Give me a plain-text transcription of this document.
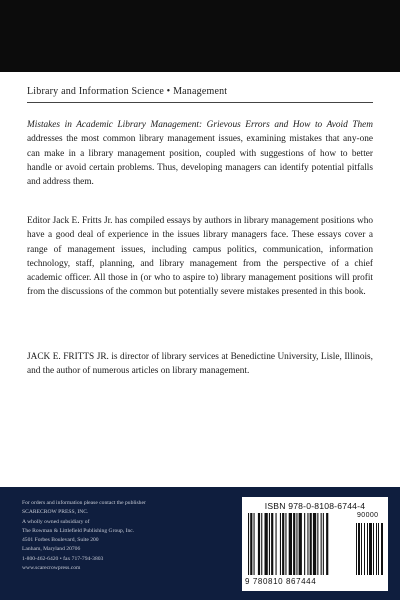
Library and Information Science • Management

Mistakes in Academic Library Management: Grievous Errors and How to Avoid Them addresses the most common library management issues, examining mistakes that any-one can make in a library management position, coupled with suggestions of how to better handle or avoid certain problems. Thus, developing managers can identify potential pitfalls and address them.

Editor Jack E. Fritts Jr. has compiled essays by authors in library management positions who have a good deal of experience in the issues library managers face. These essays cover a range of management issues, including campus politics, communication, information technology, staff, planning, and library management from the perspective of a chief academic officer. All those in (or who to aspire to) library management positions will profit from the discussions of the common but potentially severe mistakes presented in this book.

JACK E. FRITTS JR. is director of library services at Benedictine University, Lisle, Illinois, and the author of numerous articles on library management.

For orders and information please contact the publisher
SCARECROW PRESS, INC.
A wholly owned subsidiary of
The Rowman & Littlefield Publishing Group, Inc.
4501 Forbes Boulevard, Suite 200
Lanham, Maryland 20706
1-800-462-6420 • fax 717-794-3803
www.scarecrowpress.com
ISBN 978-0-8108-6744-4
90000
9 780810 867444
